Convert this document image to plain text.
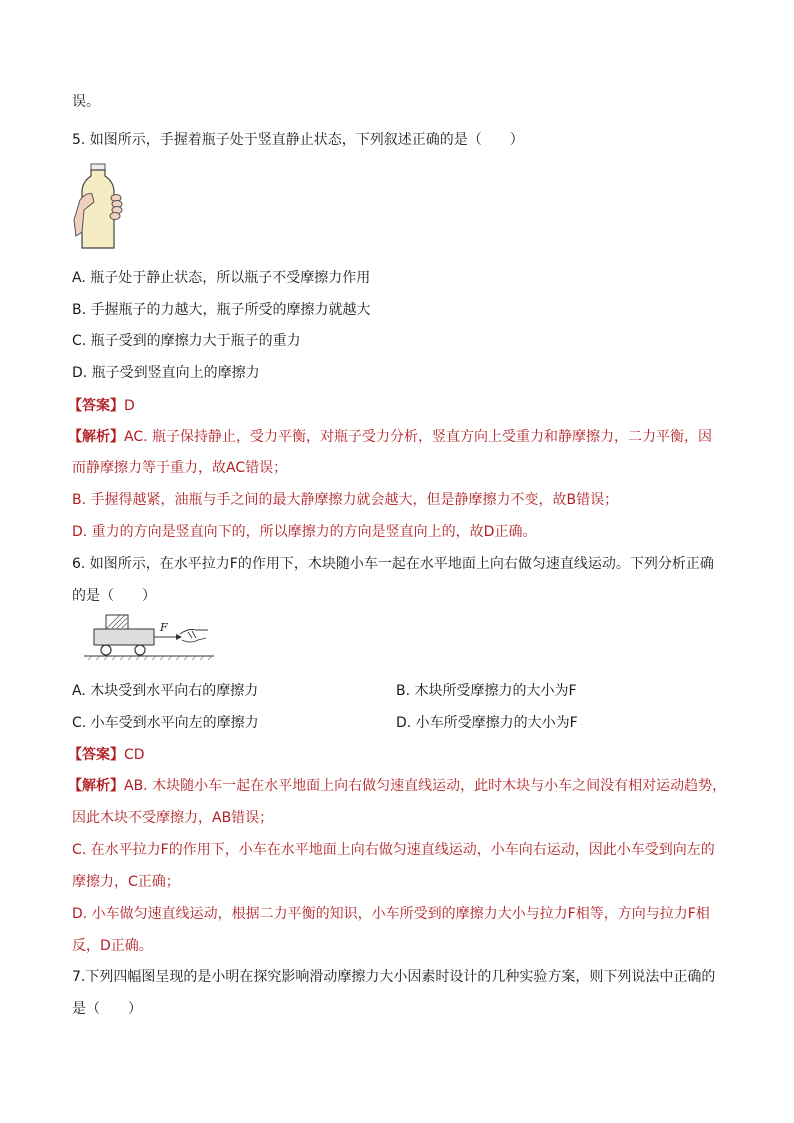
误。
5. 如图所示，手握着瓶子处于竖直静止状态，下列叙述正确的是（　　）
A. 瓶子处于静止状态，所以瓶子不受摩擦力作用
B. 手握瓶子的力越大，瓶子所受的摩擦力就越大
C. 瓶子受到的摩擦力大于瓶子的重力
D. 瓶子受到竖直向上的摩擦力
【答案】D
【解析】AC. 瓶子保持静止，受力平衡，对瓶子受力分析，竖直方向上受重力和静摩擦力，二力平衡，因
而静摩擦力等于重力，故AC错误；
B. 手握得越紧，油瓶与手之间的最大静摩擦力就会越大，但是静摩擦力不变，故B错误；
D. 重力的方向是竖直向下的，所以摩擦力的方向是竖直向上的，故D正确。
6. 如图所示，在水平拉力F的作用下，木块随小车一起在水平地面上向右做匀速直线运动。下列分析正确
的是（　　）
F
A. 木块受到水平向右的摩擦力	B. 木块所受摩擦力的大小为F
C. 小车受到水平向左的摩擦力	D. 小车所受摩擦力的大小为F
【答案】CD
【解析】AB. 木块随小车一起在水平地面上向右做匀速直线运动，此时木块与小车之间没有相对运动趋势，
因此木块不受摩擦力，AB错误；
C. 在水平拉力F的作用下，小车在水平地面上向右做匀速直线运动，小车向右运动，因此小车受到向左的
摩擦力，C正确；
D. 小车做匀速直线运动，根据二力平衡的知识，小车所受到的摩擦力大小与拉力F相等，方向与拉力F相
反，D正确。
7.下列四幅图呈现的是小明在探究影响滑动摩擦力大小因素时设计的几种实验方案，则下列说法中正确的
是（　　）
